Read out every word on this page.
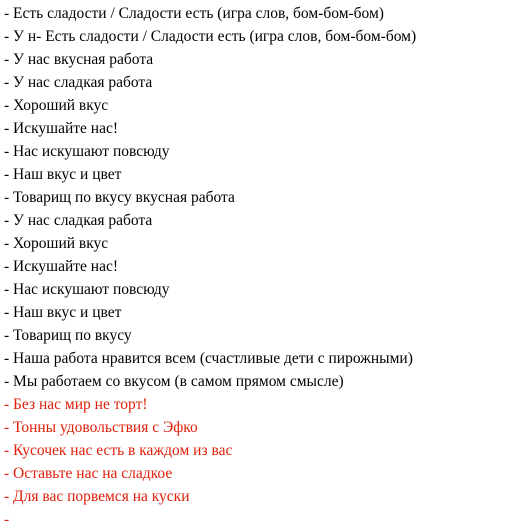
- Есть сладости / Сладости есть (игра слов, бом-бом-бом)
- У н- Есть сладости / Сладости есть (игра слов, бом-бом-бом)
- У нас вкусная работа
- У нас сладкая работа
- Хороший вкус
- Искушайте нас!
- Нас искушают повсюду
- Наш вкус и цвет
- Товарищ по вкусу вкусная работа
- У нас сладкая работа
- Хороший вкус
- Искушайте нас!
- Нас искушают повсюду
- Наш вкус и цвет
- Товарищ по вкусу
- Наша работа нравится всем (счастливые дети с пирожными)
- Мы работаем со вкусом (в самом прямом смысле)
- Без нас мир не торт!
- Тонны удовольствия с Эфко
- Кусочек нас есть в каждом из вас
- Оставьте нас на сладкое
- Для вас порвемся на куски
-
